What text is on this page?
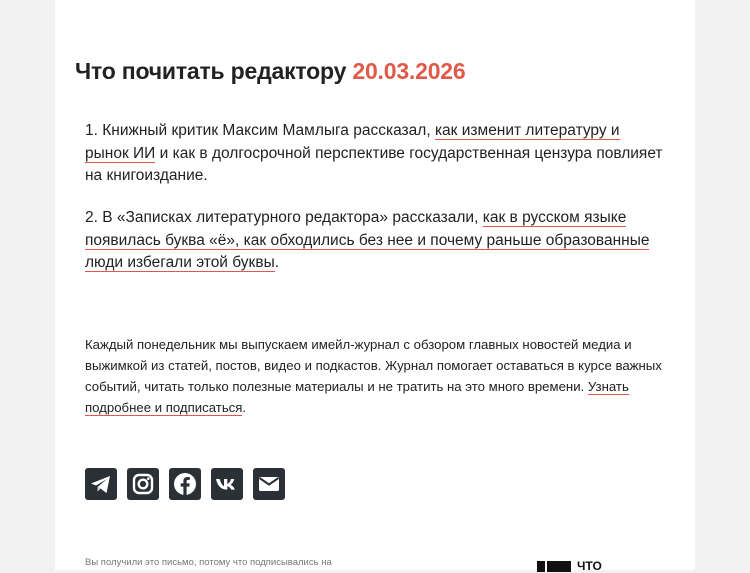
Что почитать редактору 20.03.2026

1. Книжный критик Максим Мамлыга рассказал, как изменит литературу и рынок ИИ и как в долгосрочной перспективе государственная цензура повлияет на книгоиздание.

2. В «Записках литературного редактора» рассказали, как в русском языке появилась буква «ё», как обходились без нее и почему раньше образованные люди избегали этой буквы.

Каждый понедельник мы выпускаем имейл-журнал с обзором главных новостей медиа и выжимкой из статей, постов, видео и подкастов. Журнал помогает оставаться в курсе важных событий, читать только полезные материалы и не тратить на это много времени. Узнать подробнее и подписаться.

Вы получили это письмо, потому что подписывались на	ЧТО
